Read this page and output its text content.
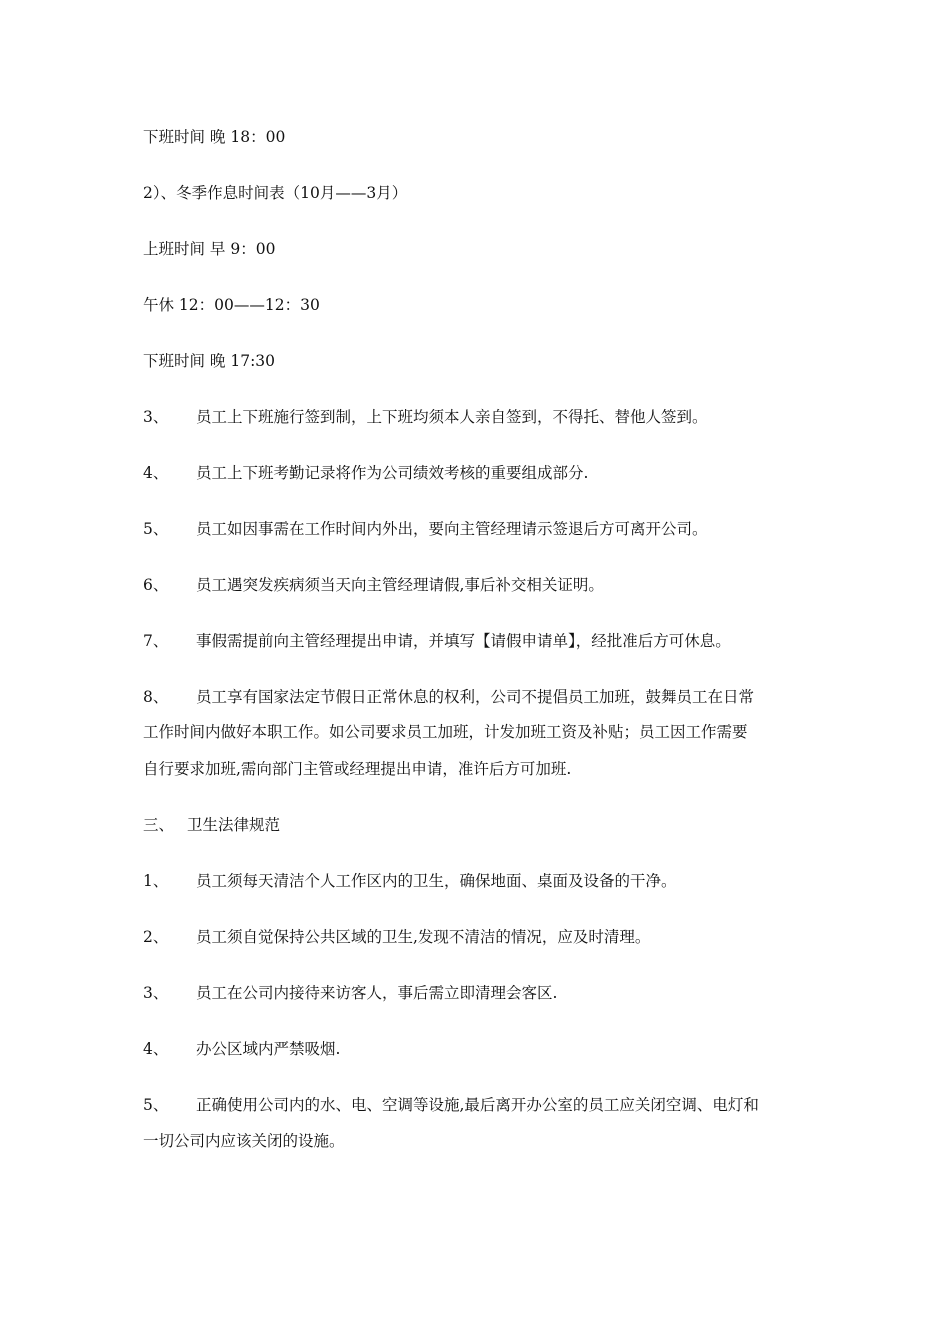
下班时间 晚 18：00
2）、冬季作息时间表（10月——3月）
上班时间 早 9：00
午休 12：00——12：30
下班时间 晚 17:30
3、 员工上下班施行签到制，上下班均须本人亲自签到，不得托、替他人签到。
4、 员工上下班考勤记录将作为公司绩效考核的重要组成部分.
5、 员工如因事需在工作时间内外出，要向主管经理请示签退后方可离开公司。
6、 员工遇突发疾病须当天向主管经理请假,事后补交相关证明。
7、 事假需提前向主管经理提出申请，并填写【请假申请单】，经批准后方可休息。
8、 员工享有国家法定节假日正常休息的权利，公司不提倡员工加班，鼓舞员工在日常
工作时间内做好本职工作。如公司要求员工加班，计发加班工资及补贴；员工因工作需要
自行要求加班,需向部门主管或经理提出申请，准许后方可加班.
三、 卫生法律规范
1、 员工须每天清洁个人工作区内的卫生，确保地面、桌面及设备的干净。
2、 员工须自觉保持公共区域的卫生,发现不清洁的情况，应及时清理。
3、 员工在公司内接待来访客人，事后需立即清理会客区.
4、 办公区域内严禁吸烟.
5、 正确使用公司内的水、电、空调等设施,最后离开办公室的员工应关闭空调、电灯和
一切公司内应该关闭的设施。
